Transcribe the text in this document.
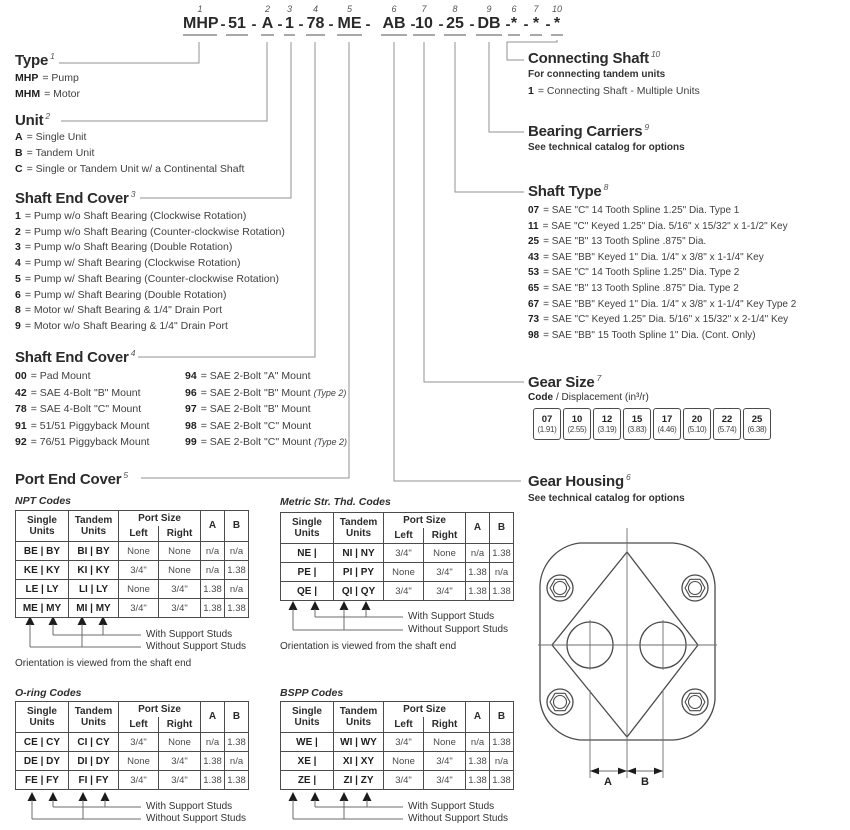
1
MHP - 51 -
2
A -
3
1 -
4
78 -
5
ME -
6
AB -
7
10 -
8
25 -
9
DB -
6
* -
7
* -
10
*
Type $^1$
MHP = Pump
MHM = Motor
Unit $^2$
A = Single Unit
B = Tandem Unit
C = Single or Tandem Unit w/ a Continental Shaft
Shaft End Cover $^3$
1 = Pump w/o Shaft Bearing (Clockwise Rotation)
2 = Pump w/o Shaft Bearing (Counter-clockwise Rotation)
3 = Pump w/o Shaft Bearing (Double Rotation)
4 = Pump w/ Shaft Bearing (Clockwise Rotation)
5 = Pump w/ Shaft Bearing (Counter-clockwise Rotation)
6 = Pump w/ Shaft Bearing (Double Rotation)
8 = Motor w/ Shaft Bearing & 1/4" Drain Port
9 = Motor w/o Shaft Bearing & 1/4" Drain Port
Shaft End Cover $^4$
00 = Pad Mount
42 = SAE 4-Bolt "B" Mount
78 = SAE 4-Bolt "C" Mount
91 = 51/51 Piggyback Mount
92 = 76/51 Piggyback Mount
94 = SAE 2-Bolt "A" Mount
96 = SAE 2-Bolt "B" Mount (Type 2)
97 = SAE 2-Bolt "B" Mount
98 = SAE 2-Bolt "C" Mount
99 = SAE 2-Bolt "C" Mount (Type 2)
Port End Cover $^5$
NPT Codes
Single Units	Tandem Units	Port Size		A	B
		Left	Right		
BE | BY	BI | BY	None	None	n/a	n/a
KE | KY	KI | KY	3/4"	None	n/a	1.38
LE | LY	LI | LY	None	3/4"	1.38	n/a
ME | MY	MI | MY	3/4"	3/4"	1.38	1.38
With Support Studs
Without Support Studs
Orientation is viewed from the shaft end
Metric Str. Thd. Codes
Single Units	Tandem Units	Port Size		A	B
		Left	Right		
NE |	NI | NY	3/4"	None	n/a	1.38
PE |	PI | PY	None	3/4"	1.38	n/a
QE |	QI | QY	3/4"	3/4"	1.38	1.38
With Support Studs
Without Support Studs
Orientation is viewed from the shaft end
O-ring Codes
Single Units	Tandem Units	Port Size		A	B
		Left	Right		
CE | CY	CI | CY	3/4"	None	n/a	1.38
DE | DY	DI | DY	None	3/4"	1.38	n/a
FE | FY	FI | FY	3/4"	3/4"	1.38	1.38
With Support Studs
Without Support Studs
BSPP Codes
Single Units	Tandem Units	Port Size		A	B
		Left	Right		
WE |	WI | WY	3/4"	None	n/a	1.38
XE |	XI | XY	None	3/4"	1.38	n/a
ZE |	ZI | ZY	3/4"	3/4"	1.38	1.38
With Support Studs
Without Support Studs
Connecting Shaft $^{10}$
For connecting tandem units
1 = Connecting Shaft - Multiple Units
Bearing Carriers $^9$
See technical catalog for options
Shaft Type $^8$
07 = SAE "C" 14 Tooth Spline 1.25" Dia. Type 1
11 = SAE "C" Keyed 1.25" Dia. 5/16" x 15/32" x 1-1/2" Key
25 = SAE "B" 13 Tooth Spline .875" Dia.
43 = SAE "BB" Keyed 1" Dia. 1/4" x 3/8" x 1-1/4" Key
53 = SAE "C" 14 Tooth Spline 1.25" Dia. Type 2
65 = SAE "B" 13 Tooth Spline .875" Dia. Type 2
67 = SAE "BB" Keyed 1" Dia. 1/4" x 3/8" x 1-1/4" Key Type 2
73 = SAE "C" Keyed 1.25" Dia. 5/16" x 15/32" x 2-1/4" Key
98 = SAE "BB" 15 Tooth Spline 1" Dia. (Cont. Only)
Gear Size $^7$
Code / Displacement (in³/r)
07
(1.91)
10
(2.55)
12
(3.19)
15
(3.83)
17
(4.46)
20
(5.10)
22
(5.74)
25
(6.38)
Gear Housing $^6$
See technical catalog for options
A	B
